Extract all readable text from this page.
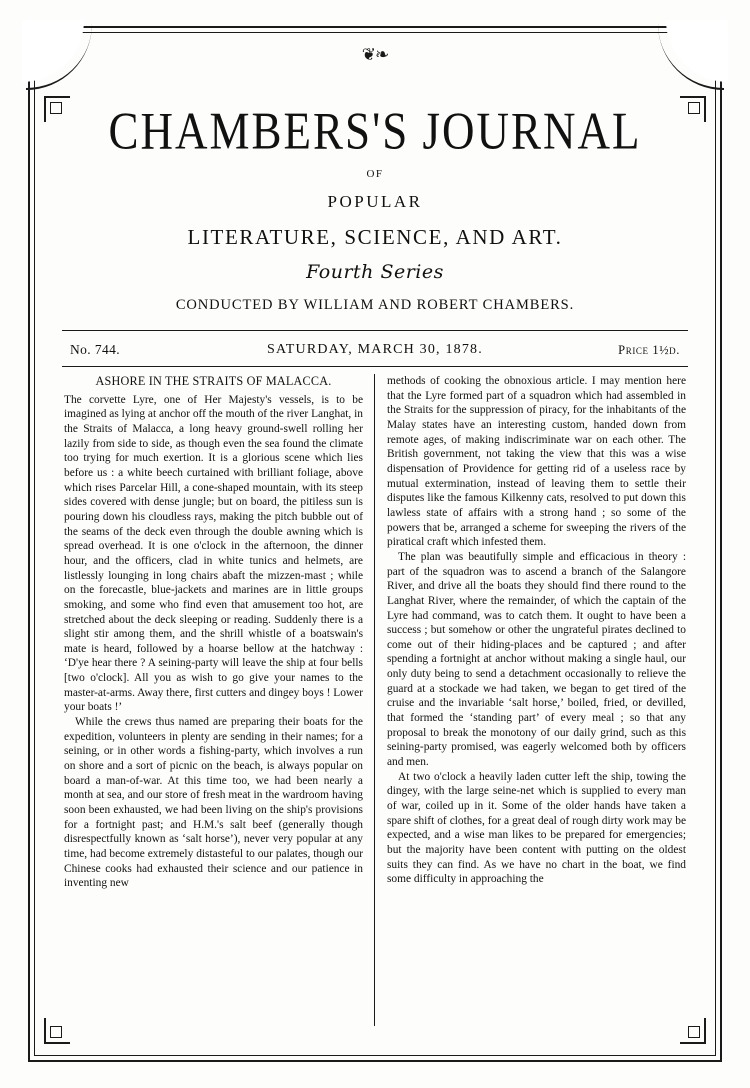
❦❧
CHAMBERS'S JOURNAL
OF
POPULAR
LITERATURE, SCIENCE, AND ART.
Fourth Series
CONDUCTED BY WILLIAM AND ROBERT CHAMBERS.
No. 744.	SATURDAY, MARCH 30, 1878.	Price 1½d.
ASHORE IN THE STRAITS OF MALACCA.

The corvette Lyre, one of Her Majesty's vessels, is to be imagined as lying at anchor off the mouth of the river Langhat, in the Straits of Malacca, a long heavy ground-swell rolling her lazily from side to side, as though even the sea found the climate too trying for much exertion. It is a glorious scene which lies before us : a white beech curtained with brilliant foliage, above which rises Parcelar Hill, a cone-shaped mountain, with its steep sides covered with dense jungle; but on board, the pitiless sun is pouring down his cloudless rays, making the pitch bubble out of the seams of the deck even through the double awning which is spread overhead. It is one o'clock in the afternoon, the dinner hour, and the officers, clad in white tunics and helmets, are listlessly lounging in long chairs abaft the mizzen-mast ; while on the forecastle, blue-jackets and marines are in little groups smoking, and some who find even that amusement too hot, are stretched about the deck sleeping or reading. Suddenly there is a slight stir among them, and the shrill whistle of a boatswain's mate is heard, followed by a hoarse bellow at the hatchway : ‘D'ye hear there ? A seining-party will leave the ship at four bells [two o'clock]. All you as wish to go give your names to the master-at-arms. Away there, first cutters and dingey boys ! Lower your boats !’

While the crews thus named are preparing their boats for the expedition, volunteers in plenty are sending in their names; for a seining, or in other words a fishing-party, which involves a run on shore and a sort of picnic on the beach, is always popular on board a man-of-war. At this time too, we had been nearly a month at sea, and our store of fresh meat in the wardroom having soon been exhausted, we had been living on the ship's provisions for a fortnight past; and H.M.'s salt beef (generally though disrespectfully known as ‘salt horse’), never very popular at any time, had become extremely distasteful to our palates, though our Chinese cooks had exhausted their science and our patience in inventing new

methods of cooking the obnoxious article. I may mention here that the Lyre formed part of a squadron which had assembled in the Straits for the suppression of piracy, for the inhabitants of the Malay states have an interesting custom, handed down from remote ages, of making indiscriminate war on each other. The British government, not taking the view that this was a wise dispensation of Providence for getting rid of a useless race by mutual extermination, instead of leaving them to settle their disputes like the famous Kilkenny cats, resolved to put down this lawless state of affairs with a strong hand ; so some of the powers that be, arranged a scheme for sweeping the rivers of the piratical craft which infested them.

The plan was beautifully simple and efficacious in theory : part of the squadron was to ascend a branch of the Salangore River, and drive all the boats they should find there round to the Langhat River, where the remainder, of which the captain of the Lyre had command, was to catch them. It ought to have been a success ; but somehow or other the ungrateful pirates declined to come out of their hiding-places and be captured ; and after spending a fortnight at anchor without making a single haul, our only duty being to send a detachment occasionally to relieve the guard at a stockade we had taken, we began to get tired of the cruise and the invariable ‘salt horse,’ boiled, fried, or devilled, that formed the ‘standing part’ of every meal ; so that any proposal to break the monotony of our daily grind, such as this seining-party promised, was eagerly welcomed both by officers and men.

At two o'clock a heavily laden cutter left the ship, towing the dingey, with the large seine-net which is supplied to every man of war, coiled up in it. Some of the older hands have taken a spare shift of clothes, for a great deal of rough dirty work may be expected, and a wise man likes to be prepared for emergencies; but the majority have been content with putting on the oldest suits they can find. As we have no chart in the boat, we find some difficulty in approaching the
